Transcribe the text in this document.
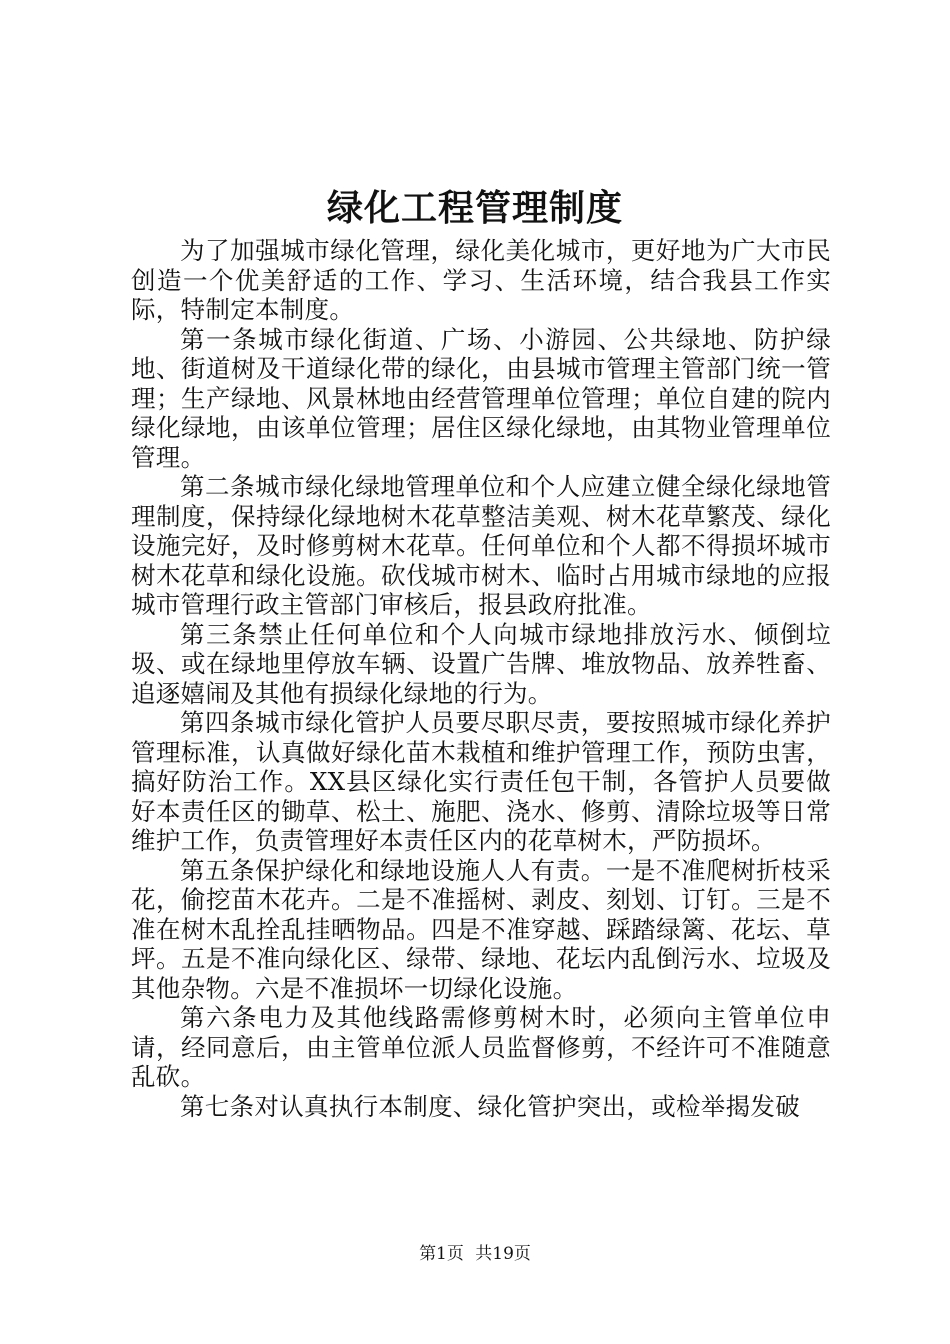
绿化工程管理制度

为了加强城市绿化管理，绿化美化城市，更好地为广大市民创造一个优美舒适的工作、学习、生活环境，结合我县工作实际，特制定本制度。

第一条城市绿化街道、广场、小游园、公共绿地、防护绿地、街道树及干道绿化带的绿化，由县城市管理主管部门统一管理；生产绿地、风景林地由经营管理单位管理；单位自建的院内绿化绿地，由该单位管理；居住区绿化绿地，由其物业管理单位管理。

第二条城市绿化绿地管理单位和个人应建立健全绿化绿地管理制度，保持绿化绿地树木花草整洁美观、树木花草繁茂、绿化设施完好，及时修剪树木花草。任何单位和个人都不得损坏城市树木花草和绿化设施。砍伐城市树木、临时占用城市绿地的应报城市管理行政主管部门审核后，报县政府批准。

第三条禁止任何单位和个人向城市绿地排放污水、倾倒垃圾、或在绿地里停放车辆、设置广告牌、堆放物品、放养牲畜、追逐嬉闹及其他有损绿化绿地的行为。

第四条城市绿化管护人员要尽职尽责，要按照城市绿化养护管理标准，认真做好绿化苗木栽植和维护管理工作，预防虫害，搞好防治工作。XX县区绿化实行责任包干制，各管护人员要做好本责任区的锄草、松土、施肥、浇水、修剪、清除垃圾等日常维护工作，负责管理好本责任区内的花草树木，严防损坏。

第五条保护绿化和绿地设施人人有责。一是不准爬树折枝采花，偷挖苗木花卉。二是不准摇树、剥皮、刻划、订钉。三是不准在树木乱拴乱挂晒物品。四是不准穿越、踩踏绿篱、花坛、草坪。五是不准向绿化区、绿带、绿地、花坛内乱倒污水、垃圾及其他杂物。六是不准损坏一切绿化设施。

第六条电力及其他线路需修剪树木时，必须向主管单位申请，经同意后，由主管单位派人员监督修剪，不经许可不准随意乱砍。

第七条对认真执行本制度、绿化管护突出，或检举揭发破

第1页 共19页
